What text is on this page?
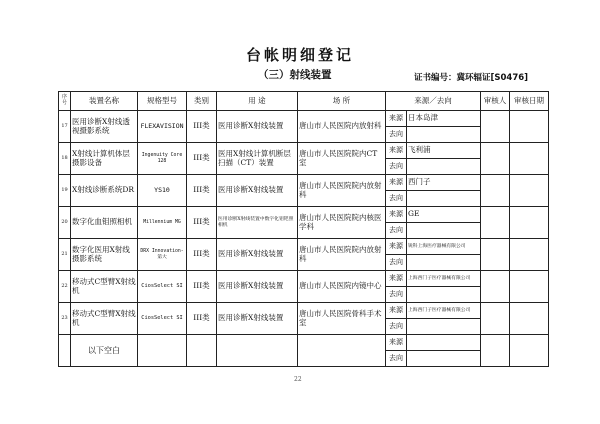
台帐明细登记
（三）射线装置	证书编号：冀环辐证[S0476]
序号	装置名称	规格型号	类别	用 途	场 所	来源／去向		审核人	审核日期
17	医用诊断X射线透视摄影系统	FLEXAVISION	III类	医用诊断X射线装置	唐山市人民医院内放射科	来源	日本岛津		
						去向			
18	X射线计算机体层摄影设备	Ingenuity Core 128	III类	医用X射线计算机断层扫描（CT）装置	唐山市人民医院院内CT室	来源	飞利浦		
						去向			
19	X射线诊断系统DR	YS10	III类	医用诊断X射线装置	唐山市人民医院院内放射科	来源	西门子		
						去向			
20	数字化血钼照相机	Millennium MG	III类	医用诊断X射线装置中数字化钼钯照相机	唐山市人民医院院内核医学科	来源	GE		
						去向			
21	数字化医用X射线摄影系统	DRX Innovation-第大	III类	医用诊断X射线装置	唐山市人民医院院内放射科	来源	锐科上海医疗器械有限公司		
						去向			
22	移动式C型臂X射线机	CiosSelect SI	III类	医用诊断X射线装置	唐山市人民医院内镜中心	来源	上海西门子医疗器械有限公司		
						去向			
23	移动式C型臂X射线机	CiosSelect SI	III类	医用诊断X射线装置	唐山市人民医院骨科手术室	来源	上海西门子医疗器械有限公司		
						去向			
	以下空白					来源			
						去向			
22
